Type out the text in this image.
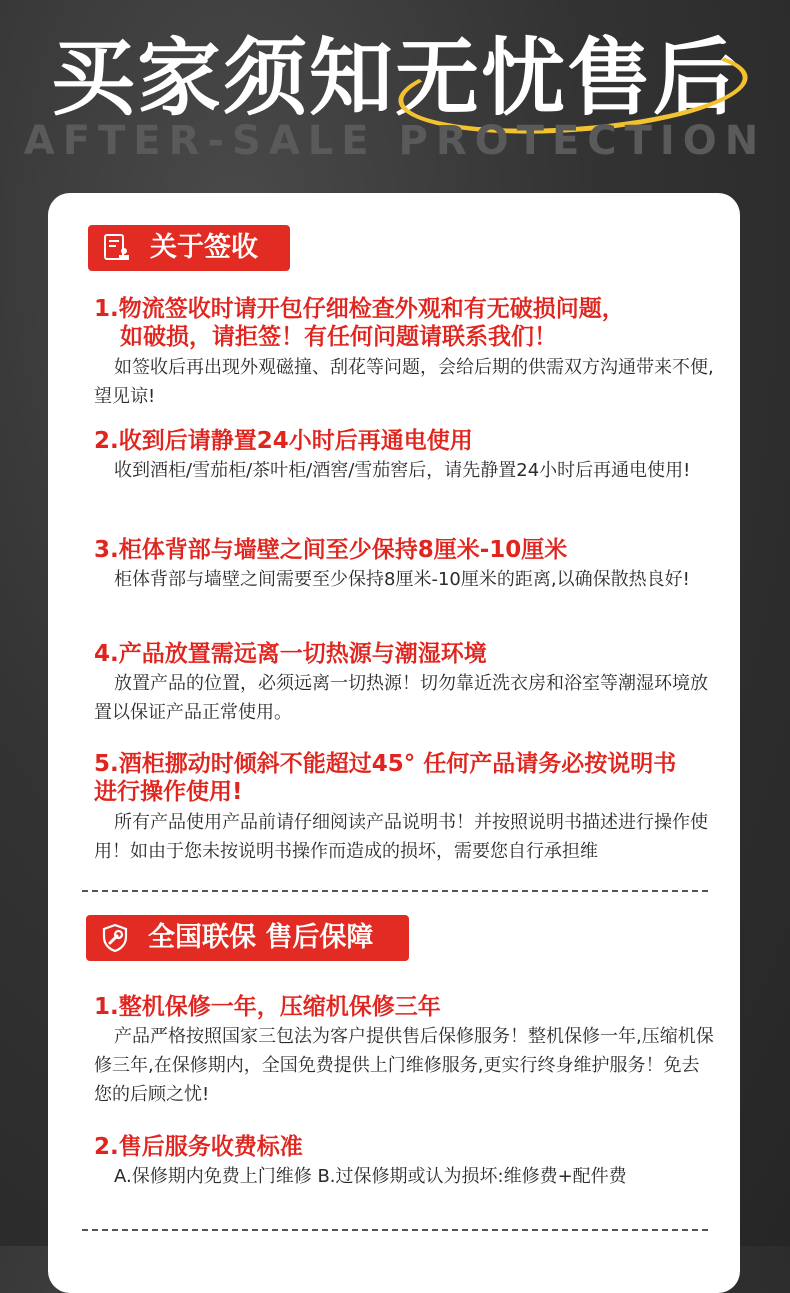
买家须知无忧售后
AFTER-SALE PROTECTION
关于签收
1.物流签收时请开包仔细检查外观和有无破损问题，
如破损，请拒签！有任何问题请联系我们！
如签收后再出现外观磁撞、刮花等问题，会给后期的供需双方沟通带来不便,望见谅!
2.收到后请静置24小时后再通电使用
收到酒柜/雪茄柜/茶叶柜/酒窖/雪茄窖后，请先静置24小时后再通电使用!
3.柜体背部与墙壁之间至少保持8厘米-10厘米
柜体背部与墙壁之间需要至少保持8厘米-10厘米的距离,以确保散热良好!
4.产品放置需远离一切热源与潮湿环境
放置产品的位置，必须远离一切热源！切勿靠近洗衣房和浴室等潮湿环境放置以保证产品正常使用。
5.酒柜挪动时倾斜不能超过45° 任何产品请务必按说明书
进行操作使用!
所有产品使用产品前请仔细阅读产品说明书！并按照说明书描述进行操作使用！如由于您未按说明书操作而造成的损坏，需要您自行承担维
全国联保 售后保障
1.整机保修一年，压缩机保修三年
产品严格按照国家三包法为客户提供售后保修服务！整机保修一年,压缩机保修三年,在保修期内，全国免费提供上门维修服务,更实行终身维护服务！免去您的后顾之忧!
2.售后服务收费标准
A.保修期内免费上门维修 B.过保修期或认为损坏:维修费+配件费
